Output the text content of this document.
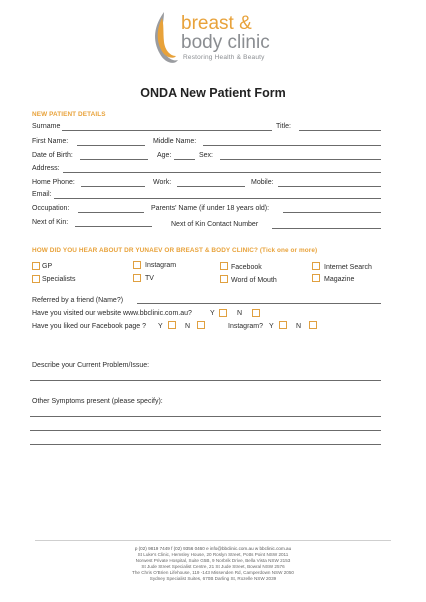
breast &
body clinic
Restoring Health & Beauty
ONDA New Patient Form
NEW PATIENT DETAILS
Surname	Title:
First Name:	Middle Name:
Date of Birth:	Age:	Sex:
Address:
Home Phone:	Work:	Mobile:
Email:
Occupation:	Parents' Name (if under 18 years old):
Next of Kin:	Next of Kin Contact Number
HOW DID YOU HEAR ABOUT DR YUNAEV OR BREAST & BODY CLINIC? (Tick one or more)
GP	Instagram	Facebook	Internet Search
Specialists	TV	Word of Mouth	Magazine
Referred by a friend (Name?)
Have you visited our website www.bbclinic.com.au?	Y	N
Have you liked our Facebook page ? Y	N	Instagram? Y	N
Describe your Current Problem/Issue:
Other Symptoms present (please specify):
p (02) 9819 7449 f (02) 9356 0460 e info@bbclinic.com.au w bbclinic.com.au
St Luke's Clinic, Hemsley House, 20 Roslyn Street, Potts Point NSW 2011
Norwest Private Hospital, Suite G5B, 9 Norbrik Drive, Bella Vista NSW 2153
St Jude Street Specialist Centre, 21 St Jude Street, Bowral NSW 2576
The Chris O'Brien Lifehouse, 119 -143 Missenden Rd, Camperdown NSW 2050
Sydney Specialist Suites, 670B Darling St, Rozelle NSW 2039
